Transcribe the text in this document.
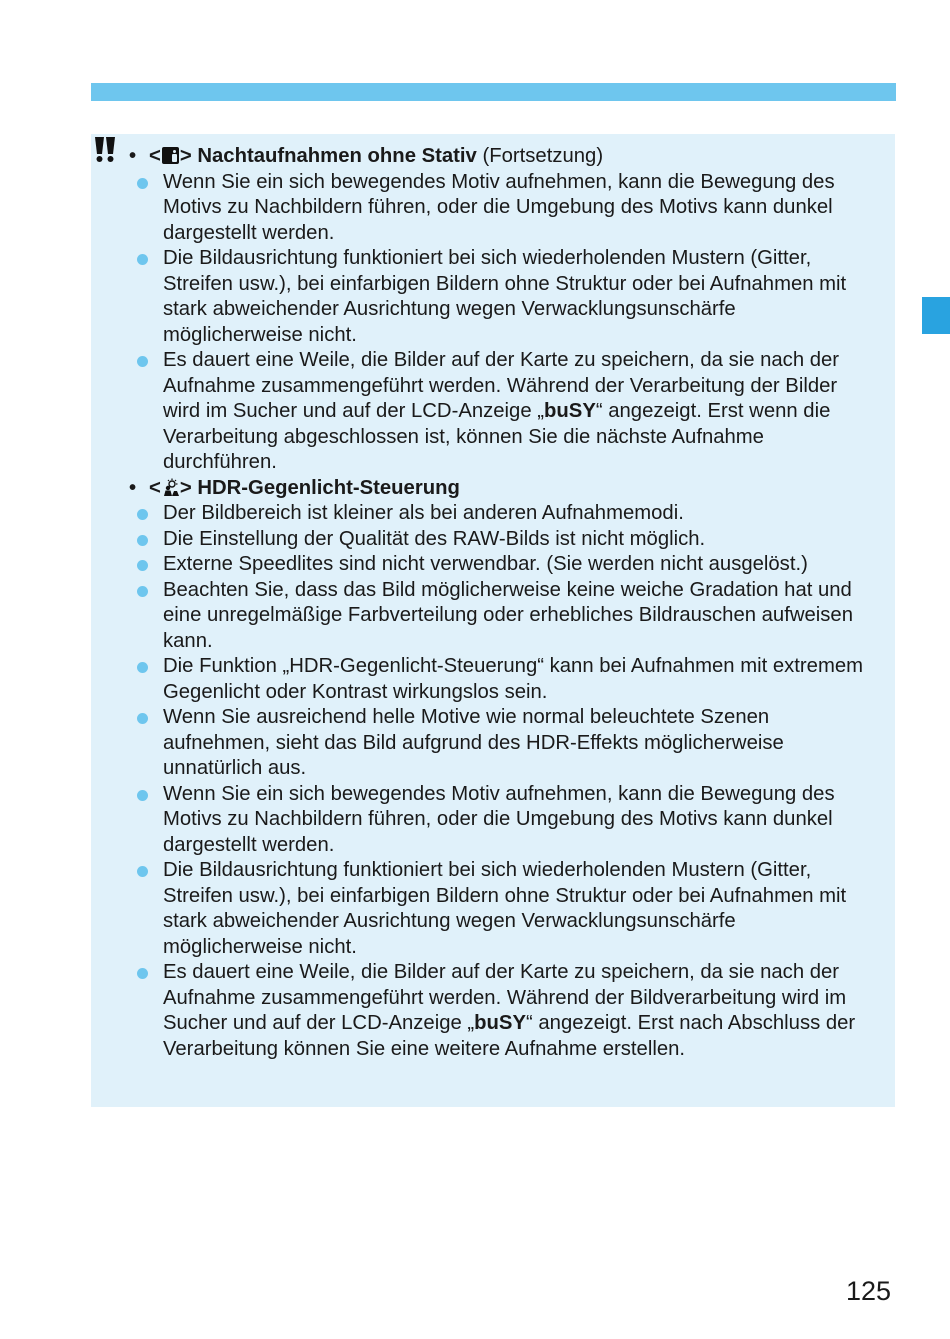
• < > Nachtaufnahmen ohne Stativ (Fortsetzung)
Wenn Sie ein sich bewegendes Motiv aufnehmen, kann die Bewegung des Motivs zu Nachbildern führen, oder die Umgebung des Motivs kann dunkel dargestellt werden.
Die Bildausrichtung funktioniert bei sich wiederholenden Mustern (Gitter, Streifen usw.), bei einfarbigen Bildern ohne Struktur oder bei Aufnahmen mit stark abweichender Ausrichtung wegen Verwacklungsunschärfe möglicherweise nicht.
Es dauert eine Weile, die Bilder auf der Karte zu speichern, da sie nach der Aufnahme zusammengeführt werden. Während der Verarbeitung der Bilder wird im Sucher und auf der LCD-Anzeige „buSY“ angezeigt. Erst wenn die Verarbeitung abgeschlossen ist, können Sie die nächste Aufnahme durchführen.
• < > HDR-Gegenlicht-Steuerung
Der Bildbereich ist kleiner als bei anderen Aufnahmemodi.
Die Einstellung der Qualität des RAW-Bilds ist nicht möglich.
Externe Speedlites sind nicht verwendbar. (Sie werden nicht ausgelöst.)
Beachten Sie, dass das Bild möglicherweise keine weiche Gradation hat und eine unregelmäßige Farbverteilung oder erhebliches Bildrauschen aufweisen kann.
Die Funktion „HDR-Gegenlicht-Steuerung“ kann bei Aufnahmen mit extremem Gegenlicht oder Kontrast wirkungslos sein.
Wenn Sie ausreichend helle Motive wie normal beleuchtete Szenen aufnehmen, sieht das Bild aufgrund des HDR-Effekts möglicherweise unnatürlich aus.
Wenn Sie ein sich bewegendes Motiv aufnehmen, kann die Bewegung des Motivs zu Nachbildern führen, oder die Umgebung des Motivs kann dunkel dargestellt werden.
Die Bildausrichtung funktioniert bei sich wiederholenden Mustern (Gitter, Streifen usw.), bei einfarbigen Bildern ohne Struktur oder bei Aufnahmen mit stark abweichender Ausrichtung wegen Verwacklungsunschärfe möglicherweise nicht.
Es dauert eine Weile, die Bilder auf der Karte zu speichern, da sie nach der Aufnahme zusammengeführt werden. Während der Bildverarbeitung wird im Sucher und auf der LCD-Anzeige „buSY“ angezeigt. Erst nach Abschluss der Verarbeitung können Sie eine weitere Aufnahme erstellen.
125
